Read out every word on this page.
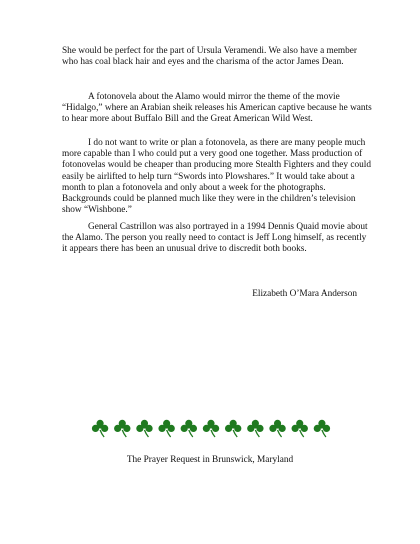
She would be perfect for the part of Ursula Veramendi. We also have a member who has coal black hair and eyes and the charisma of the actor James Dean.

A fotonovela about the Alamo would mirror the theme of the movie “Hidalgo,” where an Arabian sheik releases his American captive because he wants to hear more about Buffalo Bill and the Great American Wild West.

I do not want to write or plan a fotonovela, as there are many people much more capable than I who could put a very good one together. Mass production of fotonovelas would be cheaper than producing more Stealth Fighters and they could easily be airlifted to help turn “Swords into Plowshares.” It would take about a month to plan a fotonovela and only about a week for the photographs. Backgrounds could be planned much like they were in the children’s television show “Wishbone.”

General Castrillon was also portrayed in a 1994 Dennis Quaid movie about the Alamo. The person you really need to contact is Jeff Long himself, as recently it appears there has been an unusual drive to discredit both books.

Elizabeth O’Mara Anderson
The Prayer Request in Brunswick, Maryland
